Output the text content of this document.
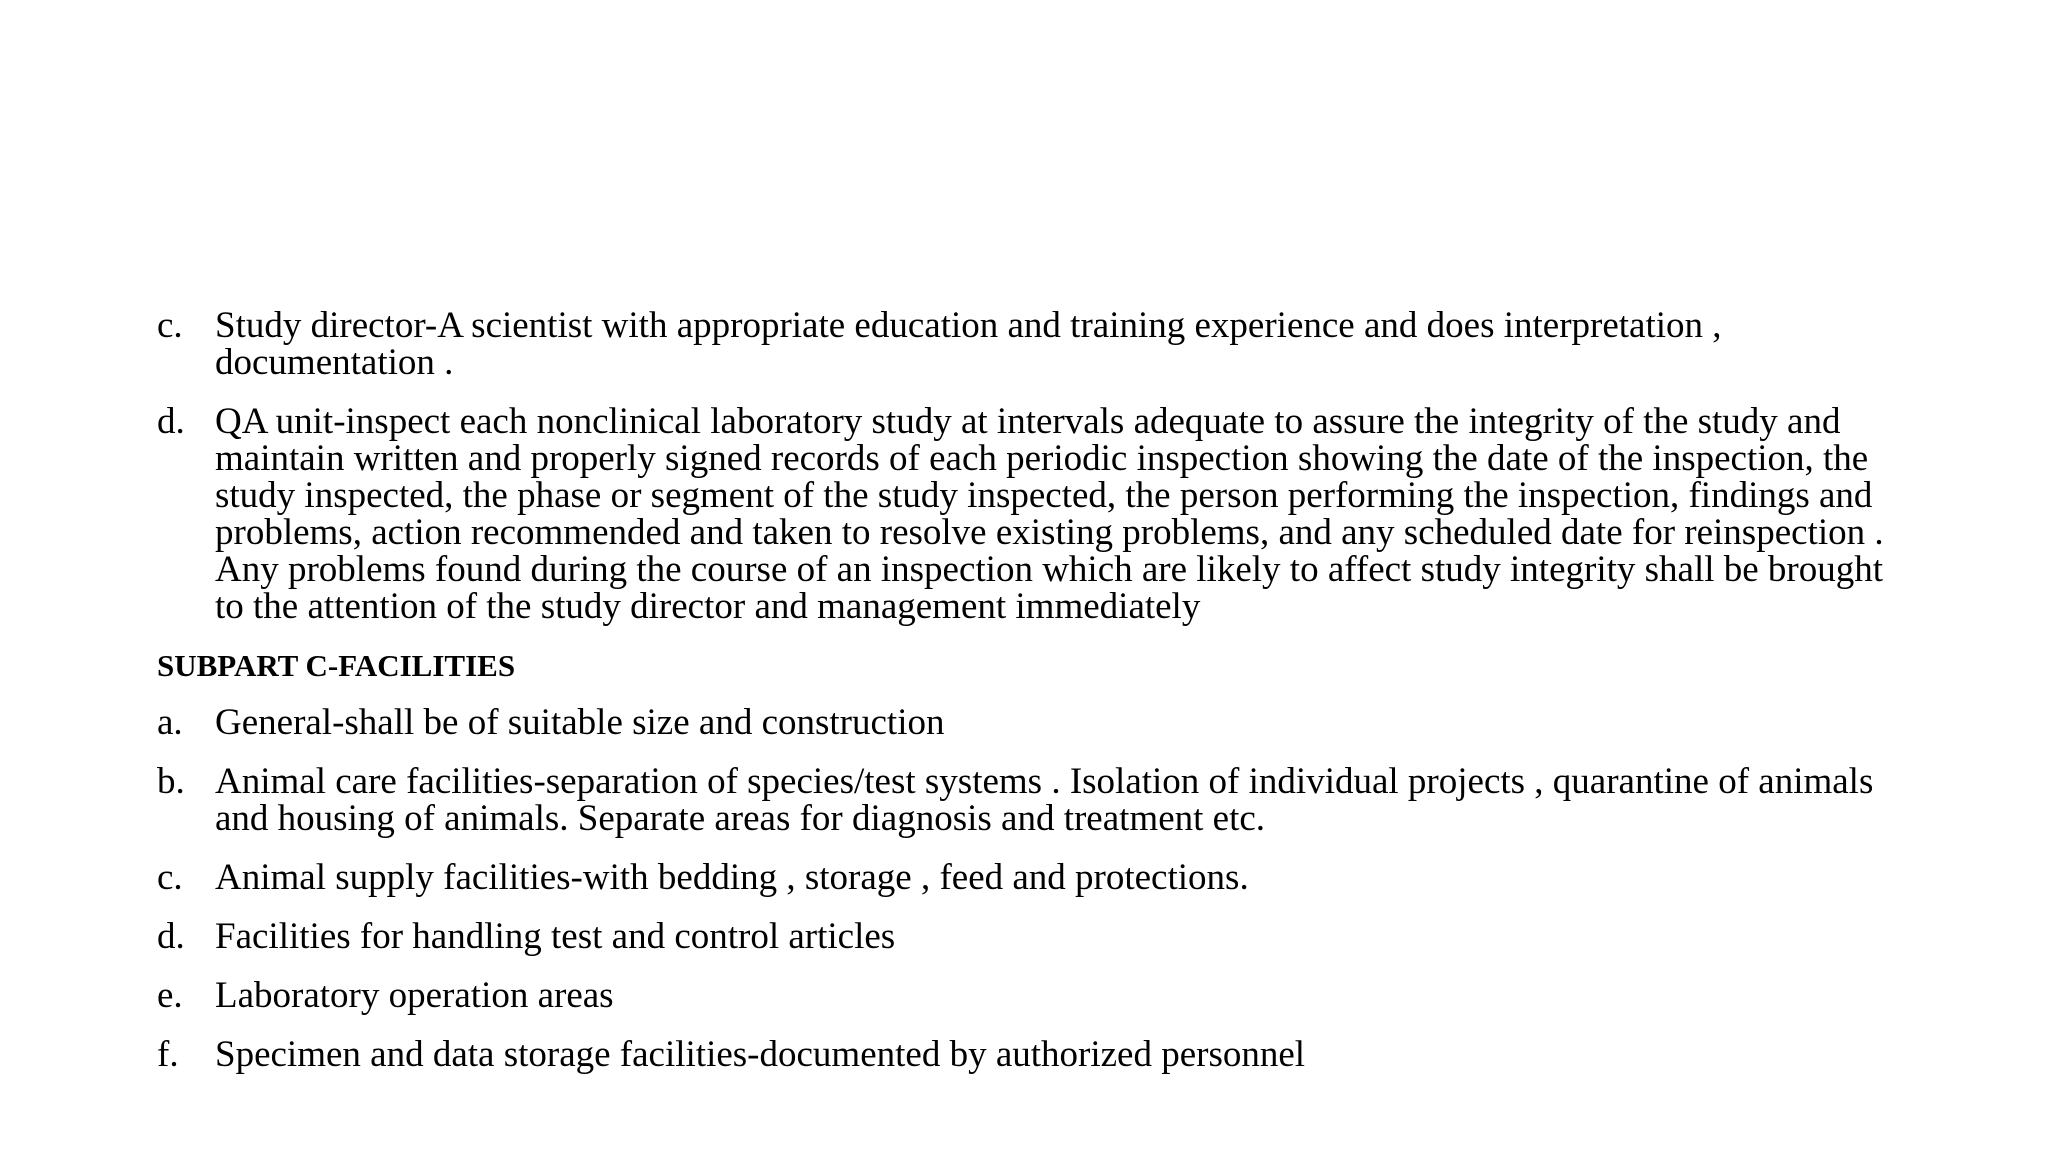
c. Study director-A scientist with appropriate education and training experience and does interpretation , documentation .
d. QA unit-inspect each nonclinical laboratory study at intervals adequate to assure the integrity of the study and maintain written and properly signed records of each periodic inspection showing the date of the inspection, the study inspected, the phase or segment of the study inspected, the person performing the inspection, findings and problems, action recommended and taken to resolve existing problems, and any scheduled date for reinspection . Any problems found during the course of an inspection which are likely to affect study integrity shall be brought to the attention of the study director and management immediately
SUBPART C-FACILITIES
a. General-shall be of suitable size and construction
b. Animal care facilities-separation of species/test systems . Isolation of individual projects , quarantine of animals and housing of animals. Separate areas for diagnosis and treatment etc.
c. Animal supply facilities-with bedding , storage , feed and protections.
d. Facilities for handling test and control articles
e. Laboratory operation areas
f. Specimen and data storage facilities-documented by authorized personnel
